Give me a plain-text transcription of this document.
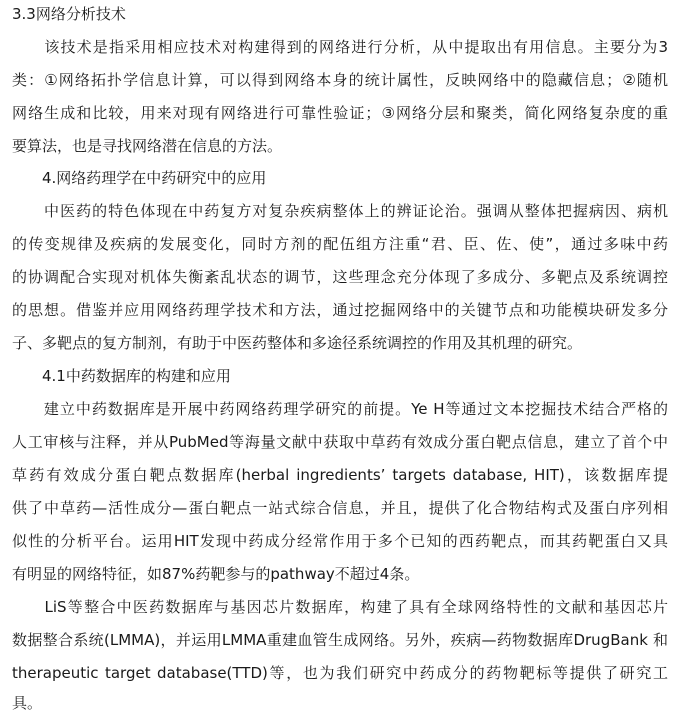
3.3网络分析技术
　　该技术是指采用相应技术对构建得到的网络进行分析，从中提取出有用信息。主要分为3
类：①网络拓扑学信息计算，可以得到网络本身的统计属性，反映网络中的隐藏信息；②随机
网络生成和比较，用来对现有网络进行可靠性验证；③网络分层和聚类，简化网络复杂度的重
要算法，也是寻找网络潜在信息的方法。
　　4.网络药理学在中药研究中的应用
　　中医药的特色体现在中药复方对复杂疾病整体上的辨证论治。强调从整体把握病因、病机
的传变规律及疾病的发展变化，同时方剂的配伍组方注重“君、臣、佐、使”，通过多味中药
的协调配合实现对机体失衡紊乱状态的调节，这些理念充分体现了多成分、多靶点及系统调控
的思想。借鉴并应用网络药理学技术和方法，通过挖掘网络中的关键节点和功能模块研发多分
子、多靶点的复方制剂，有助于中医药整体和多途径系统调控的作用及其机理的研究。
　　4.1中药数据库的构建和应用
　　建立中药数据库是开展中药网络药理学研究的前提。Ye H等通过文本挖掘技术结合严格的
人工审核与注释，并从PubMed等海量文献中获取中草药有效成分蛋白靶点信息，建立了首个中
草药有效成分蛋白靶点数据库(herbal ingredients’ targets database, HIT)，该数据库提
供了中草药—活性成分—蛋白靶点一站式综合信息，并且，提供了化合物结构式及蛋白序列相
似性的分析平台。运用HIT发现中药成分经常作用于多个已知的西药靶点，而其药靶蛋白又具
有明显的网络特征，如87%药靶参与的pathway不超过4条。
　　LiS等整合中医药数据库与基因芯片数据库，构建了具有全球网络特性的文献和基因芯片
数据整合系统(LMMA)，并运用LMMA重建血管生成网络。另外，疾病—药物数据库DrugBank 和
therapeutic target database(TTD)等，也为我们研究中药成分的药物靶标等提供了研究工
具。
